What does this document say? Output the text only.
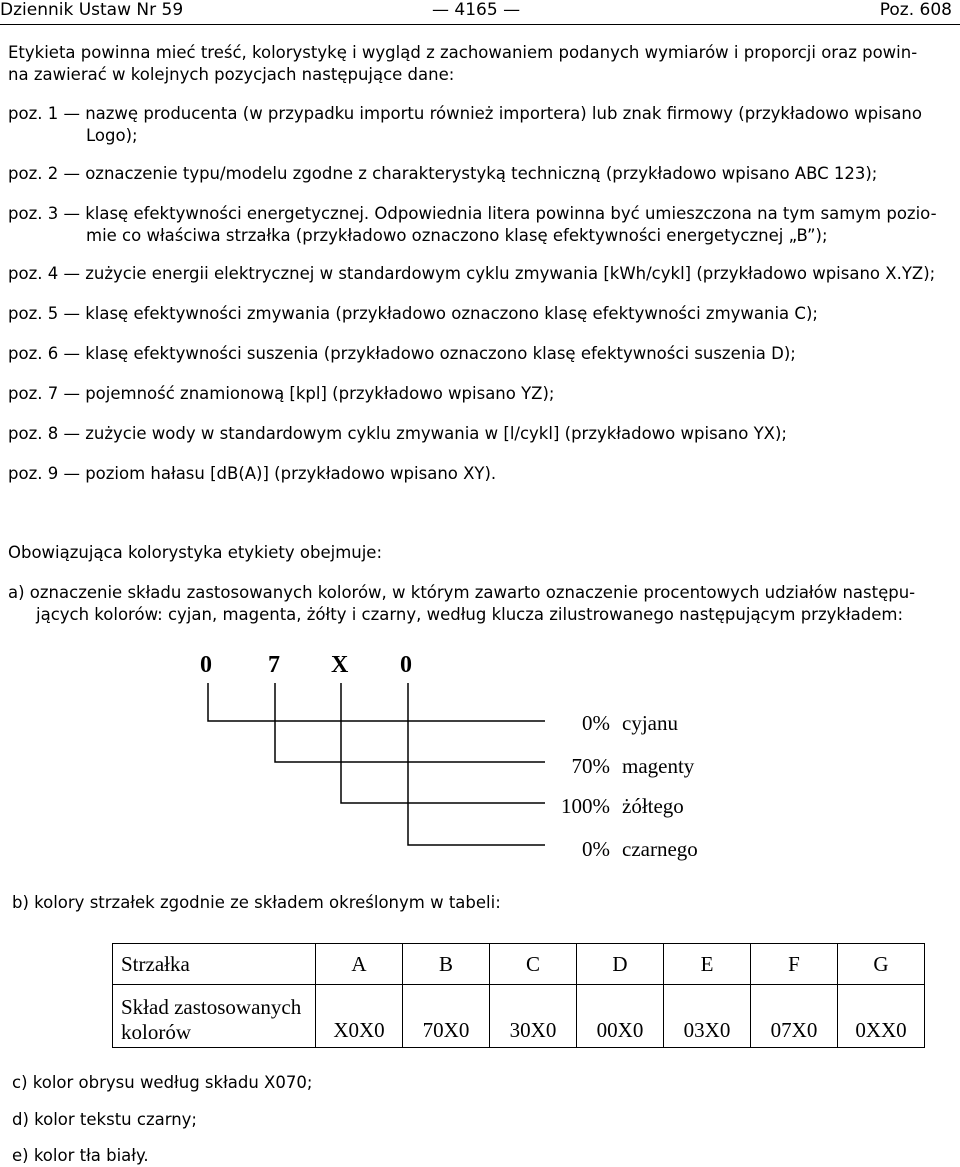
Dziennik Ustaw Nr 59	— 4165 —	Poz. 608
Etykieta powinna mieć treść, kolorystykę i wygląd z zachowaniem podanych wymiarów i proporcji oraz powin-
na zawierać w kolejnych pozycjach następujące dane:
poz. 1 — nazwę producenta (w przypadku importu również importera) lub znak firmowy (przykładowo wpisano
Logo);
poz. 2 — oznaczenie typu/modelu zgodne z charakterystyką techniczną (przykładowo wpisano ABC 123);
poz. 3 — klasę efektywności energetycznej. Odpowiednia litera powinna być umieszczona na tym samym pozio-
mie co właściwa strzałka (przykładowo oznaczono klasę efektywności energetycznej „B”);
poz. 4 — zużycie energii elektrycznej w standardowym cyklu zmywania [kWh/cykl] (przykładowo wpisano X.YZ);
poz. 5 — klasę efektywności zmywania (przykładowo oznaczono klasę efektywności zmywania C);
poz. 6 — klasę efektywności suszenia (przykładowo oznaczono klasę efektywności suszenia D);
poz. 7 — pojemność znamionową [kpl] (przykładowo wpisano YZ);
poz. 8 — zużycie wody w standardowym cyklu zmywania w [l/cykl] (przykładowo wpisano YX);
poz. 9 — poziom hałasu [dB(A)] (przykładowo wpisano XY).
Obowiązująca kolorystyka etykiety obejmuje:
a) oznaczenie składu zastosowanych kolorów, w którym zawarto oznaczenie procentowych udziałów następu-
jących kolorów: cyjan, magenta, żółty i czarny, według klucza zilustrowanego następującym przykładem:
0 7 X 0
0% cyjanu
70% magenty
100% żółtego
0% czarnego
b) kolory strzałek zgodnie ze składem określonym w tabeli:
Strzałka	A	B	C	D	E	F	G
Skład zastosowanych
kolorów	X0X0	70X0	30X0	00X0	03X0	07X0	0XX0
c) kolor obrysu według składu X070;
d) kolor tekstu czarny;
e) kolor tła biały.
